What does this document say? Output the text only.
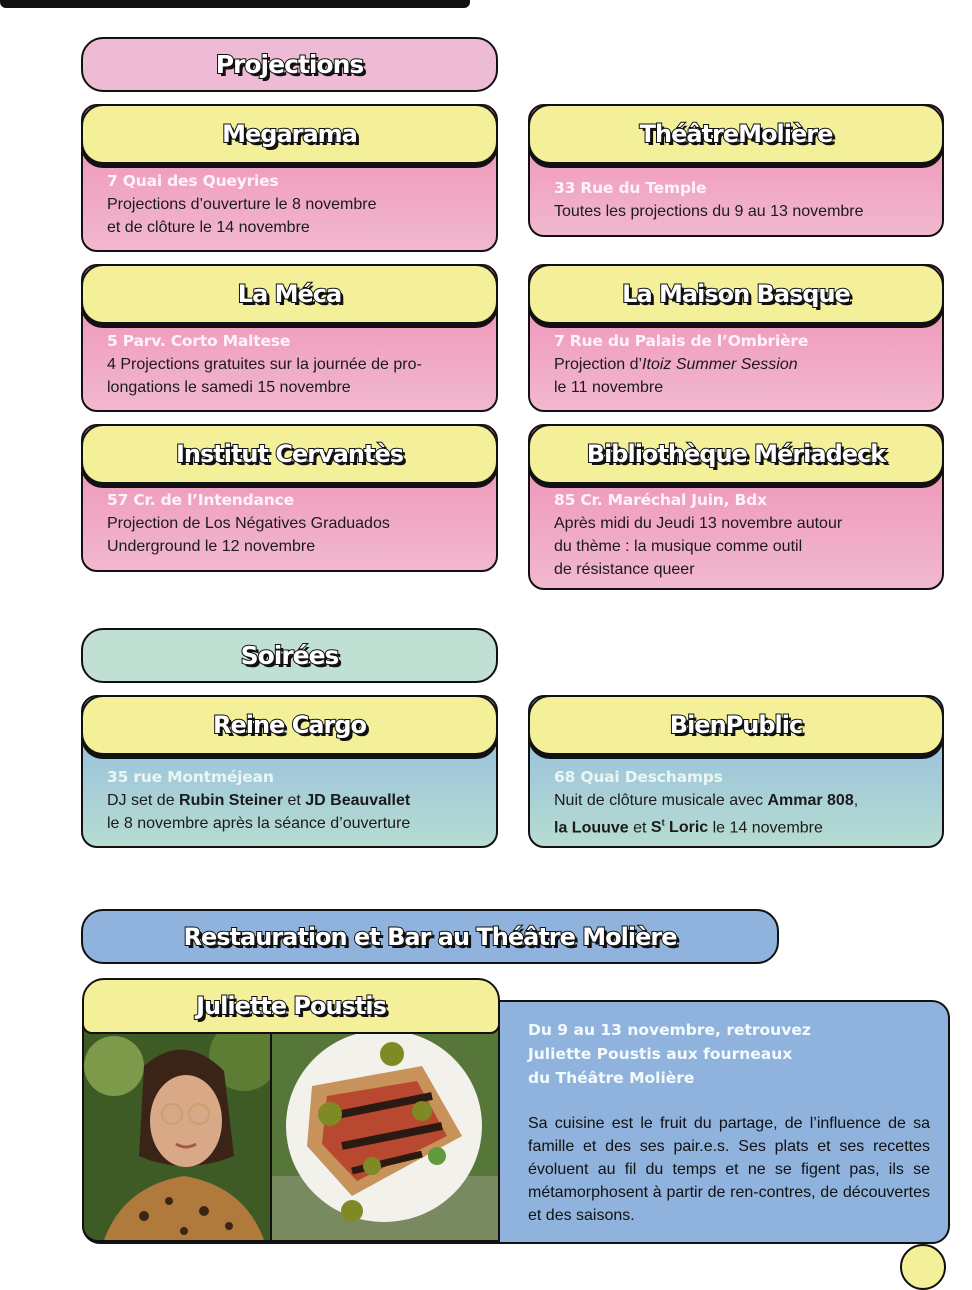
Projections
Megarama
7 Quai des Queyries
Projections d’ouverture le 8 novembre
et de clôture le 14 novembre
ThéâtreMolière
33 Rue du Temple
Toutes les projections du 9 au 13 novembre
La Méca
5 Parv. Corto Maltese
4 Projections gratuites sur la journée de pro-
longations le samedi 15 novembre
La Maison Basque
7 Rue du Palais de l’Ombrière
Projection d’Itoiz Summer Session
le 11 novembre
Institut Cervantès
57 Cr. de l’Intendance
Projection de Los Négatives Graduados
Underground le 12 novembre
Bibliothèque Mériadeck
85 Cr. Maréchal Juin, Bdx
Après midi du Jeudi 13 novembre autour
du thème : la musique comme outil
de résistance queer
Soirées
Reine Cargo
35 rue Montméjean
DJ set de Rubin Steiner et JD Beauvallet
le 8 novembre après la séance d’ouverture
BienPublic
68 Quai Deschamps
Nuit de clôture musicale avec Ammar 808,
la Louuve et $S^t$ Loric le 14 novembre
Restauration et Bar au Théâtre Molière
Juliette Poustis
Du 9 au 13 novembre, retrouvez
Juliette Poustis aux fourneaux
du Théâtre Molière
Sa cuisine est le fruit du partage, de l’influence de sa famille et des ses pair.e.s. Ses plats et ses recettes évoluent au fil du temps et ne se figent pas, ils se métamorphosent à partir de ren-contres, de découvertes et des saisons.
